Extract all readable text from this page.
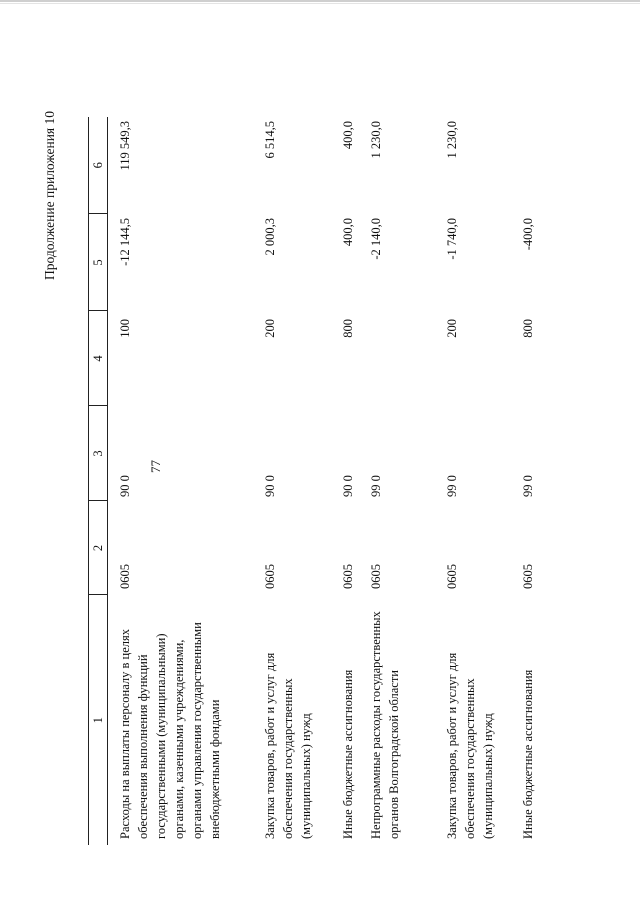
77
Продолжение приложения 10
1	2	3	4	5	6
Расходы на выплаты персоналу в целях обеспечения выполнения функций государственными (муниципальными) органами, казенными учреждениями, органами управления государственными внебюджетными фондами	0605	90 0	100	-12 144,5	119 549,3
Закупка товаров, работ и услуг для обеспечения государственных (муниципальных) нужд	0605	90 0	200	2 000,3	6 514,5
Иные бюджетные ассигнования	0605	90 0	800	400,0	400,0
Непрограммные расходы государственных органов Волгоградской области	0605	99 0		-2 140,0	1 230,0
Закупка товаров, работ и услуг для обеспечения государственных (муниципальных) нужд	0605	99 0	200	-1 740,0	1 230,0
Иные бюджетные ассигнования	0605	99 0	800	-400,0	
